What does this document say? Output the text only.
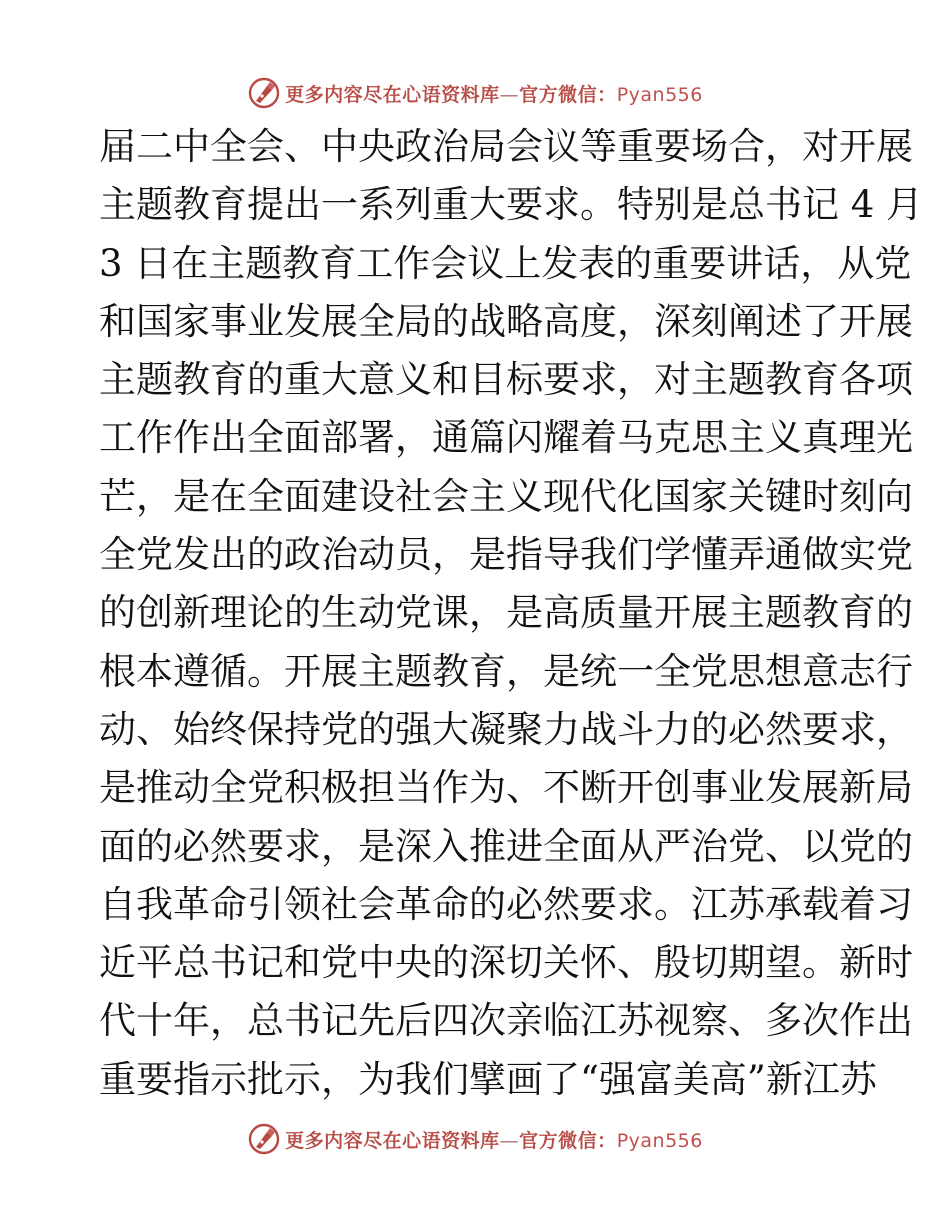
更多内容尽在心语资料库—官方微信：Pyan556
届二中全会、中央政治局会议等重要场合，对开展
主题教育提出一系列重大要求。特别是总书记 4 月
3 日在主题教育工作会议上发表的重要讲话，从党
和国家事业发展全局的战略高度，深刻阐述了开展
主题教育的重大意义和目标要求，对主题教育各项
工作作出全面部署，通篇闪耀着马克思主义真理光
芒，是在全面建设社会主义现代化国家关键时刻向
全党发出的政治动员，是指导我们学懂弄通做实党
的创新理论的生动党课，是高质量开展主题教育的
根本遵循。开展主题教育，是统一全党思想意志行
动、始终保持党的强大凝聚力战斗力的必然要求，
是推动全党积极担当作为、不断开创事业发展新局
面的必然要求，是深入推进全面从严治党、以党的
自我革命引领社会革命的必然要求。江苏承载着习
近平总书记和党中央的深切关怀、殷切期望。新时
代十年，总书记先后四次亲临江苏视察、多次作出
重要指示批示，为我们擘画了“强富美高”新江苏
更多内容尽在心语资料库—官方微信：Pyan556
